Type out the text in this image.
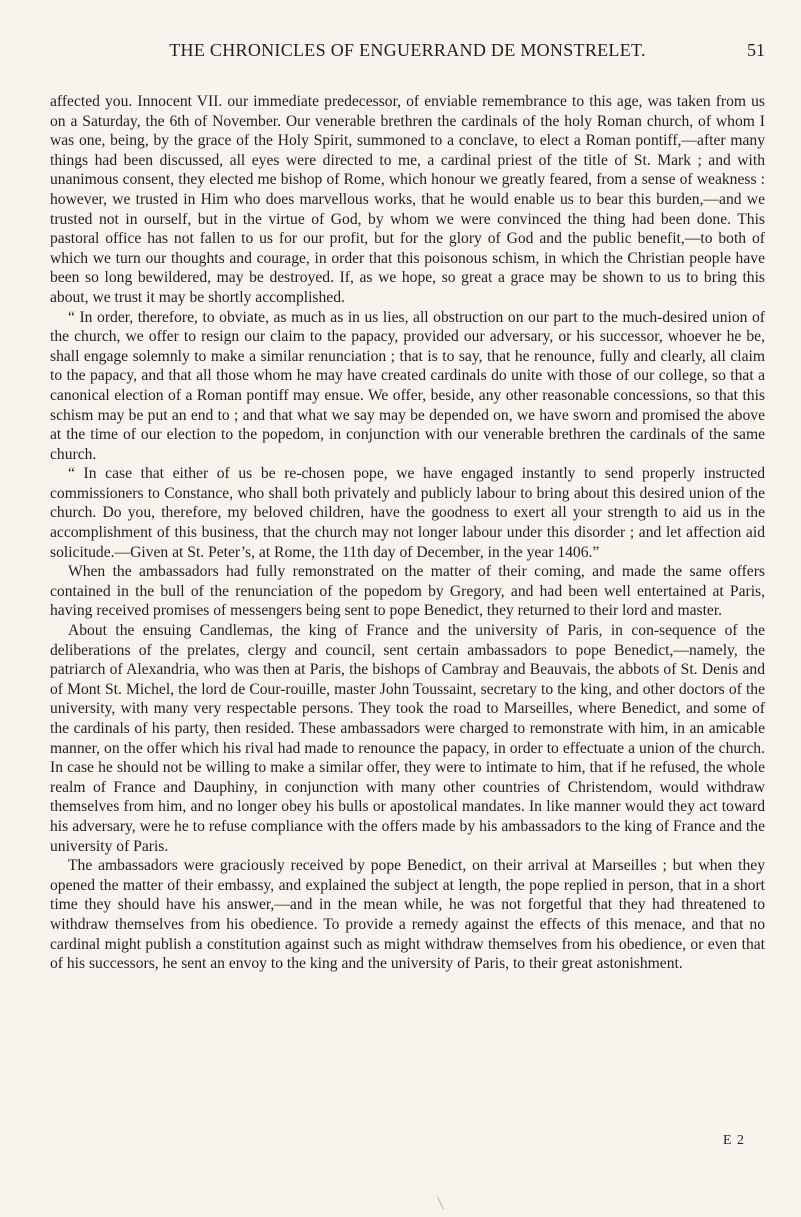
THE CHRONICLES OF ENGUERRAND DE MONSTRELET.	51

affected you. Innocent VII. our immediate predecessor, of enviable remembrance to this age, was taken from us on a Saturday, the 6th of November. Our venerable brethren the cardinals of the holy Roman church, of whom I was one, being, by the grace of the Holy Spirit, summoned to a conclave, to elect a Roman pontiff,—after many things had been discussed, all eyes were directed to me, a cardinal priest of the title of St. Mark ; and with unanimous consent, they elected me bishop of Rome, which honour we greatly feared, from a sense of weakness : however, we trusted in Him who does marvellous works, that he would enable us to bear this burden,—and we trusted not in ourself, but in the virtue of God, by whom we were convinced the thing had been done. This pastoral office has not fallen to us for our profit, but for the glory of God and the public benefit,—to both of which we turn our thoughts and courage, in order that this poisonous schism, in which the Christian people have been so long bewildered, may be destroyed. If, as we hope, so great a grace may be shown to us to bring this about, we trust it may be shortly accomplished.

“ In order, therefore, to obviate, as much as in us lies, all obstruction on our part to the much-desired union of the church, we offer to resign our claim to the papacy, provided our adversary, or his successor, whoever he be, shall engage solemnly to make a similar renunciation ; that is to say, that he renounce, fully and clearly, all claim to the papacy, and that all those whom he may have created cardinals do unite with those of our college, so that a canonical election of a Roman pontiff may ensue. We offer, beside, any other reasonable concessions, so that this schism may be put an end to ; and that what we say may be depended on, we have sworn and promised the above at the time of our election to the popedom, in conjunction with our venerable brethren the cardinals of the same church.

“ In case that either of us be re-chosen pope, we have engaged instantly to send properly instructed commissioners to Constance, who shall both privately and publicly labour to bring about this desired union of the church. Do you, therefore, my beloved children, have the goodness to exert all your strength to aid us in the accomplishment of this business, that the church may not longer labour under this disorder ; and let affection aid solicitude.—Given at St. Peter’s, at Rome, the 11th day of December, in the year 1406.”

When the ambassadors had fully remonstrated on the matter of their coming, and made the same offers contained in the bull of the renunciation of the popedom by Gregory, and had been well entertained at Paris, having received promises of messengers being sent to pope Benedict, they returned to their lord and master.

About the ensuing Candlemas, the king of France and the university of Paris, in con-sequence of the deliberations of the prelates, clergy and council, sent certain ambassadors to pope Benedict,—namely, the patriarch of Alexandria, who was then at Paris, the bishops of Cambray and Beauvais, the abbots of St. Denis and of Mont St. Michel, the lord de Cour-rouille, master John Toussaint, secretary to the king, and other doctors of the university, with many very respectable persons. They took the road to Marseilles, where Benedict, and some of the cardinals of his party, then resided. These ambassadors were charged to remonstrate with him, in an amicable manner, on the offer which his rival had made to renounce the papacy, in order to effectuate a union of the church. In case he should not be willing to make a similar offer, they were to intimate to him, that if he refused, the whole realm of France and Dauphiny, in conjunction with many other countries of Christendom, would withdraw themselves from him, and no longer obey his bulls or apostolical mandates. In like manner would they act toward his adversary, were he to refuse compliance with the offers made by his ambassadors to the king of France and the university of Paris.

The ambassadors were graciously received by pope Benedict, on their arrival at Marseilles ; but when they opened the matter of their embassy, and explained the subject at length, the pope replied in person, that in a short time they should have his answer,—and in the mean while, he was not forgetful that they had threatened to withdraw themselves from his obedience. To provide a remedy against the effects of this menace, and that no cardinal might publish a constitution against such as might withdraw themselves from his obedience, or even that of his successors, he sent an envoy to the king and the university of Paris, to their great astonishment.

E 2
